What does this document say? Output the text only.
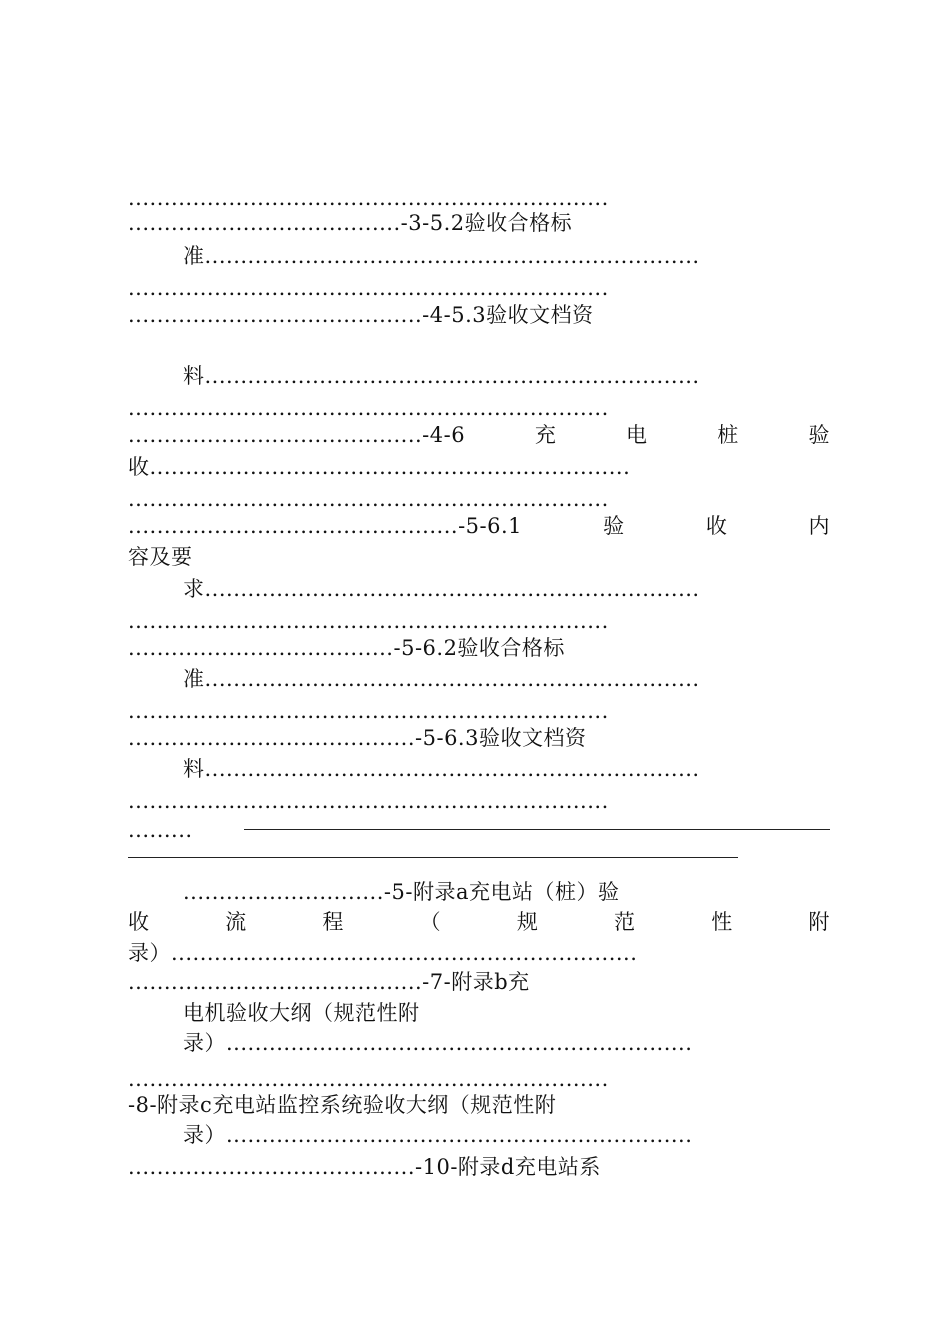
...................................................................
......................................-3-5.2验收合格标
准.....................................................................
...................................................................
.........................................-4-5.3验收文档资
料.....................................................................
...................................................................
.........................................-4-6	充	电	桩	验
收...................................................................
...................................................................
..............................................-5-6.1	验	收	内
容及要
求.....................................................................
...................................................................
.....................................-5-6.2验收合格标
准.....................................................................
...................................................................
........................................-5-6.3验收文档资
料.....................................................................
...................................................................
.........
............................-5-附录a充电站（桩）验
收	流	程	（	规	范	性	附
录）.................................................................
.........................................-7-附录b充
电机验收大纲（规范性附
录）.................................................................
...................................................................
-8-附录c充电站监控系统验收大纲（规范性附
录）.................................................................
........................................-10-附录d充电站系
